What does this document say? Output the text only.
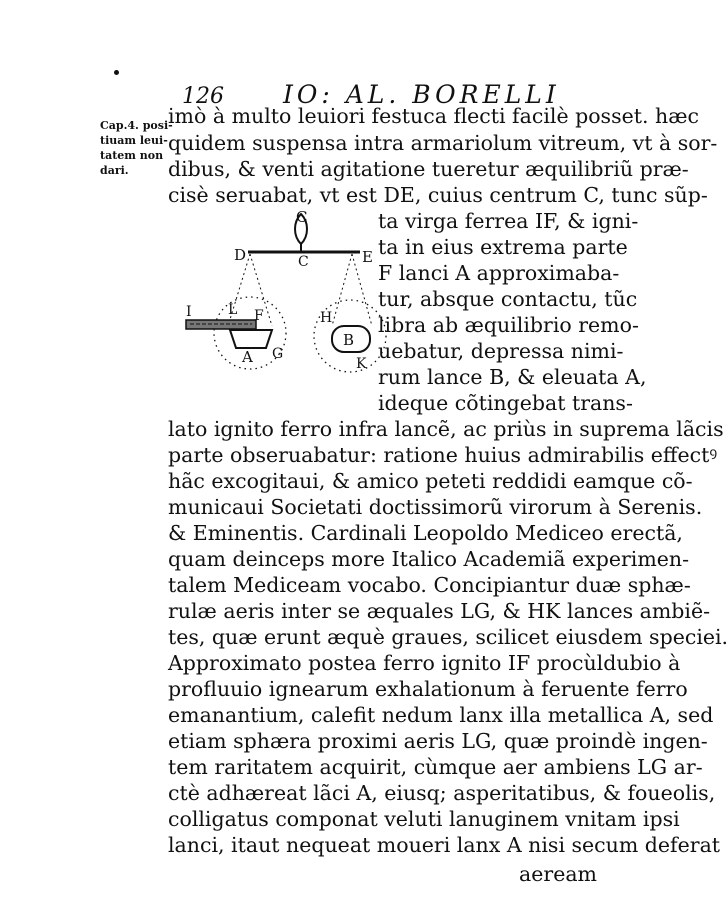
126 IO: AL. BORELLI
Cap.4. posi-
tiuam leui-
tatem non
dari.
imò à multo leuiori festuca flecti facilè posset. hæc
quidem suspensa intra armariolum vitreum, vt à sor-
dibus, & venti agitatione tueretur æquilibriũ præ-
cisè seruabat, vt est DE, cuius centrum C, tunc sũp-
ta virga ferrea IF, & igni-
ta in eius extrema parte
F lanci A approximaba-
tur, absque contactu, tũc
libra ab æquilibrio remo-
uebatur, depressa nimi-
rum lance B, & eleuata A,
ideque cõtingebat trans-
lato ignito ferro infra lancẽ, ac priùs in suprema lãcis
parte obseruabatur: ratione huius admirabilis effectꝰ
hãc excogitaui, & amico peteti reddidi eamque cõ-
municaui Societati doctissimorũ virorum à Serenis.
& Eminentis. Cardinali Leopoldo Mediceo erectã,
quam deinceps more Italico Academiã experimen-
talem Mediceam vocabo. Concipiantur duæ sphæ-
rulæ aeris inter se æquales LG, & HK lances ambiẽ-
tes, quæ erunt æquè graues, scilicet eiusdem speciei.
Approximato postea ferro ignito IF procùldubio à
profluuio ignearum exhalationum à feruente ferro
emanantium, calefit nedum lanx illa metallica A, sed
etiam sphæra proximi aeris LG, quæ proindè ingen-
tem raritatem acquirit, cùmque aer ambiens LG ar-
ctè adhæreat lãci A, eiusq; asperitatibus, & foueolis,
colligatus componat veluti lanuginem vnitam ipsi
lanci, itaut nequeat moueri lanx A nisi secum deferat
aeream
C
D	C	E
I	L F
A G
H
B
K
